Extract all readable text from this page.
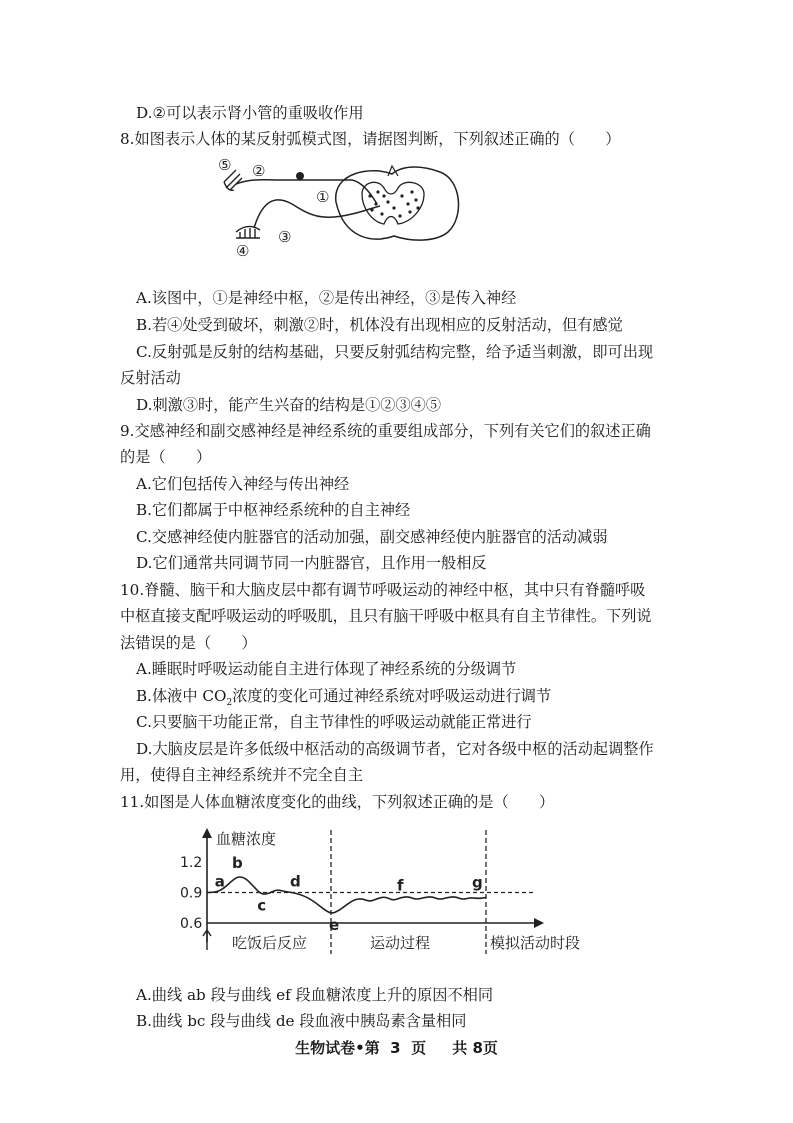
D.②可以表示肾小管的重吸收作用
8.如图表示人体的某反射弧模式图，请据图判断，下列叙述正确的（　　）
⑤ ②
①
③
④
A.该图中，①是神经中枢，②是传出神经，③是传入神经
B.若④处受到破坏，刺激②时，机体没有出现相应的反射活动，但有感觉
C.反射弧是反射的结构基础，只要反射弧结构完整，给予适当刺激，即可出现
反射活动
D.刺激③时，能产生兴奋的结构是①②③④⑤
9.交感神经和副交感神经是神经系统的重要组成部分，下列有关它们的叙述正确
的是（　　）
A.它们包括传入神经与传出神经
B.它们都属于中枢神经系统种的自主神经
C.交感神经使内脏器官的活动加强，副交感神经使内脏器官的活动减弱
D.它们通常共同调节同一内脏器官，且作用一般相反
10.脊髓、脑干和大脑皮层中都有调节呼吸运动的神经中枢，其中只有脊髓呼吸
中枢直接支配呼吸运动的呼吸肌，且只有脑干呼吸中枢具有自主节律性。下列说
法错误的是（　　）
A.睡眠时呼吸运动能自主进行体现了神经系统的分级调节
B.体液中 $CO_2$浓度的变化可通过神经系统对呼吸运动进行调节
C.只要脑干功能正常，自主节律性的呼吸运动就能正常进行
D.大脑皮层是许多低级中枢活动的高级调节者，它对各级中枢的活动起调整作
用，使得自主神经系统并不完全自主
11.如图是人体血糖浓度变化的曲线，下列叙述正确的是（　　）
1.2
0.9
0.6
a
b
c
d
e
f	g
血糖浓度
吃饭后反应	运动过程	模拟活动时段
A.曲线 ab 段与曲线 ef 段血糖浓度上升的原因不相同
B.曲线 bc 段与曲线 de 段血液中胰岛素含量相同
生物试卷•第 3 页 共 8页
